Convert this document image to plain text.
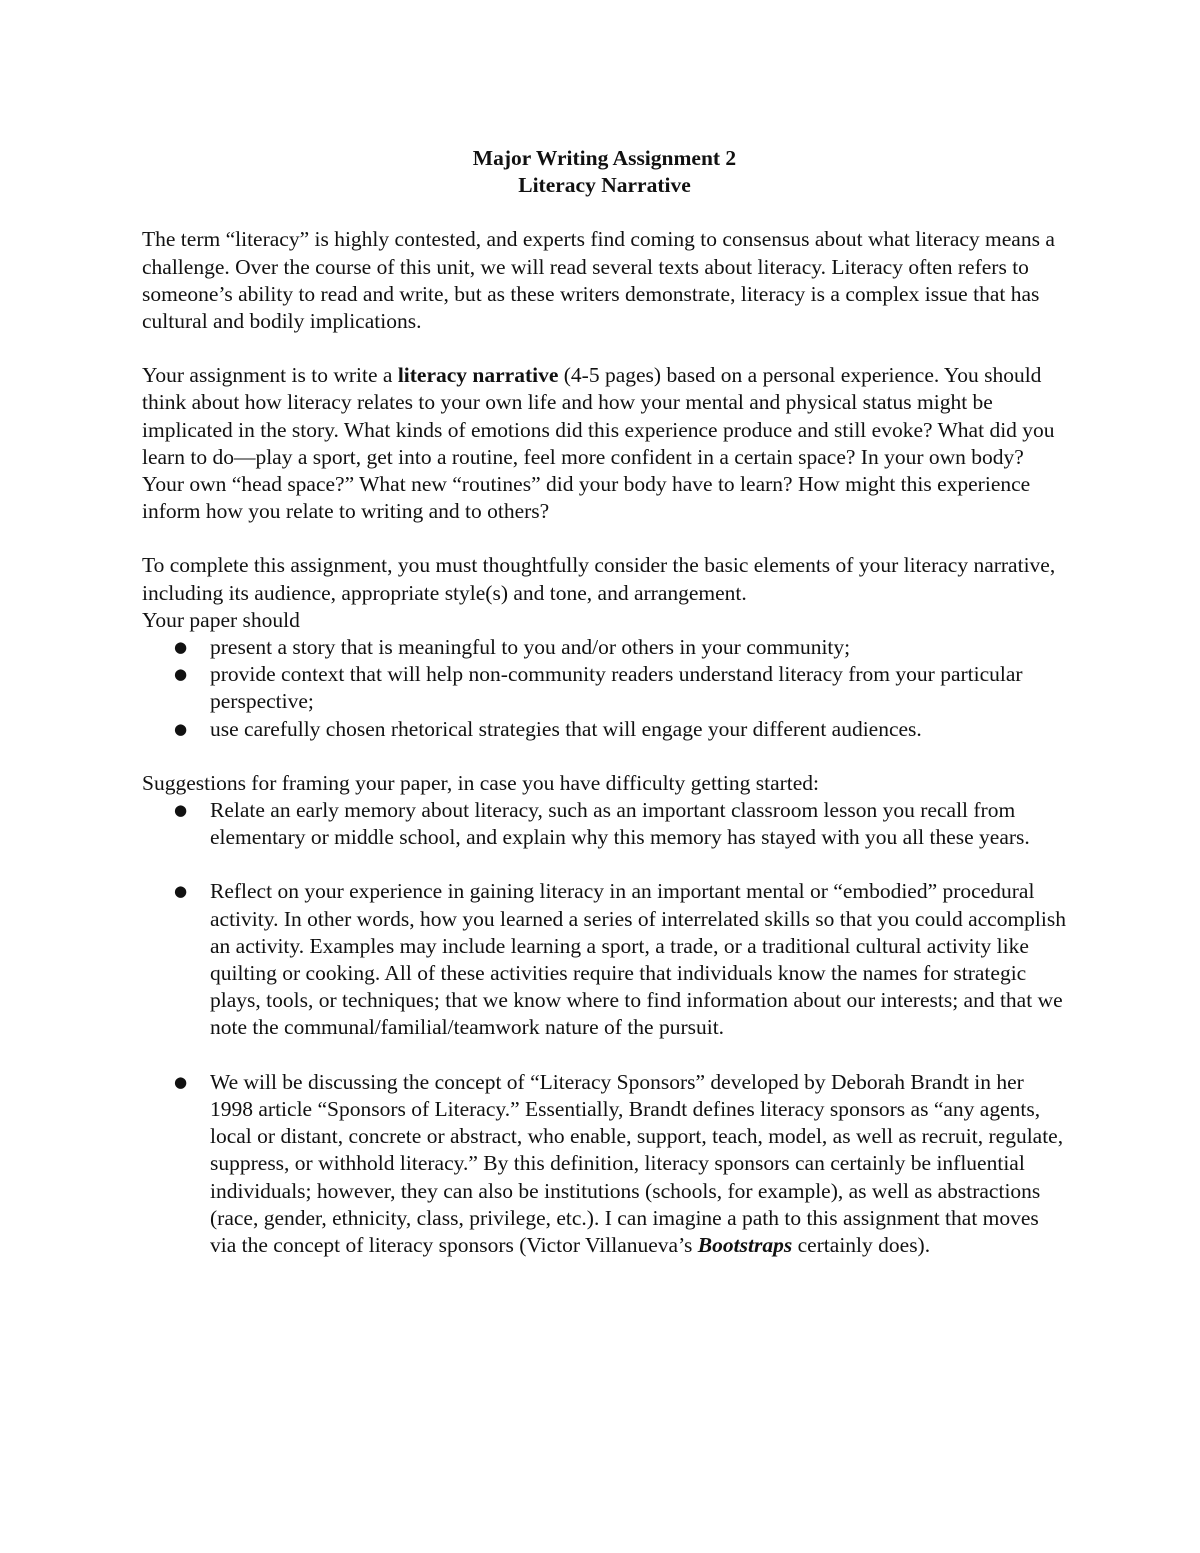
Major Writing Assignment 2

Literacy Narrative

The term “literacy” is highly contested, and experts find coming to consensus about what literacy means a challenge. Over the course of this unit, we will read several texts about literacy. Literacy often refers to someone’s ability to read and write, but as these writers demonstrate, literacy is a complex issue that has cultural and bodily implications.

Your assignment is to write a literacy narrative (4-5 pages) based on a personal experience. You should think about how literacy relates to your own life and how your mental and physical status might be implicated in the story. What kinds of emotions did this experience produce and still evoke? What did you learn to do—play a sport, get into a routine, feel more confident in a certain space? In your own body? Your own “head space?” What new “routines” did your body have to learn? How might this experience inform how you relate to writing and to others?

To complete this assignment, you must thoughtfully consider the basic elements of your literacy narrative, including its audience, appropriate style(s) and tone, and arrangement.

Your paper should

● present a story that is meaningful to you and/or others in your community;
● provide context that will help non-community readers understand literacy from your particular perspective;
● use carefully chosen rhetorical strategies that will engage your different audiences.

Suggestions for framing your paper, in case you have difficulty getting started:

● Relate an early memory about literacy, such as an important classroom lesson you recall from elementary or middle school, and explain why this memory has stayed with you all these years.
● Reflect on your experience in gaining literacy in an important mental or “embodied” procedural activity. In other words, how you learned a series of interrelated skills so that you could accomplish an activity. Examples may include learning a sport, a trade, or a traditional cultural activity like quilting or cooking. All of these activities require that individuals know the names for strategic plays, tools, or techniques; that we know where to find information about our interests; and that we note the communal/familial/teamwork nature of the pursuit.
● We will be discussing the concept of “Literacy Sponsors” developed by Deborah Brandt in her 1998 article “Sponsors of Literacy.” Essentially, Brandt defines literacy sponsors as “any agents, local or distant, concrete or abstract, who enable, support, teach, model, as well as recruit, regulate, suppress, or withhold literacy.” By this definition, literacy sponsors can certainly be influential individuals; however, they can also be institutions (schools, for example), as well as abstractions (race, gender, ethnicity, class, privilege, etc.). I can imagine a path to this assignment that moves via the concept of literacy sponsors (Victor Villanueva’s Bootstraps certainly does).
